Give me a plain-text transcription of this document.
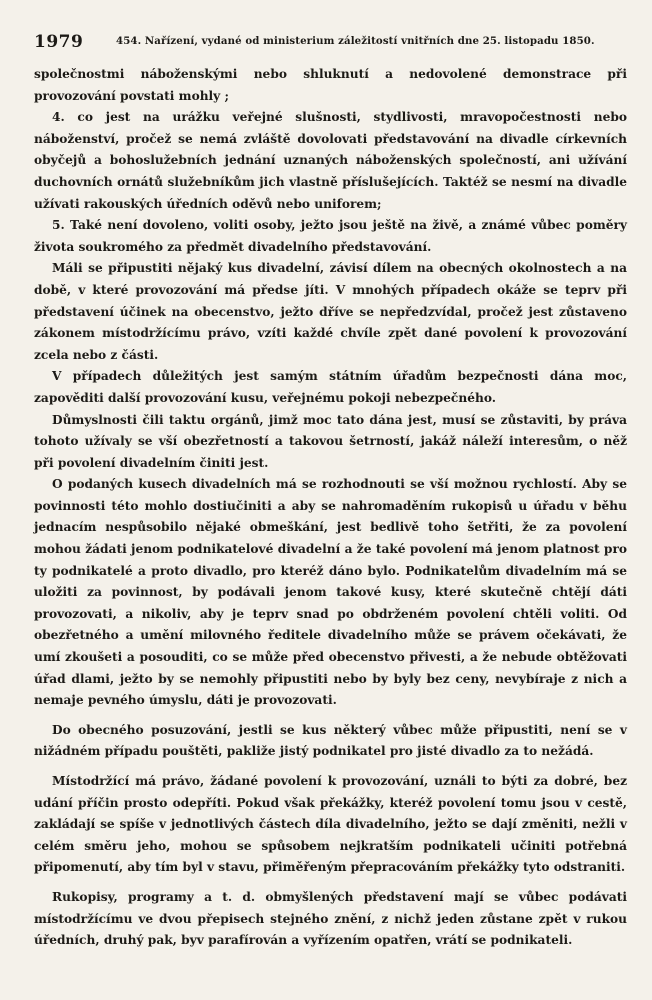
1979	454. Nařízení, vydané od ministerium záležitostí vnitřních dne 25. listopadu 1850.

společnostmi náboženskými nebo shluknutí a nedovolené demonstrace při provozování povstati mohly ;

4. co jest na urážku veřejné slušnosti, stydlivosti, mravopočestnosti nebo náboženství, pročež se nemá zvláště dovolovati představování na divadle církevních obyčejů a bohoslužebních jednání uznaných náboženských společností, ani užívání duchovních ornátů služebníkům jich vlastně příslušejících. Taktéž se nesmí na divadle užívati rakouských úředních oděvů nebo uniforem;

5. Také není dovoleno, voliti osoby, ježto jsou ještě na živě, a známé vůbec poměry života soukromého za předmět divadelního představování.

Máli se připustiti nějaký kus divadelní, závisí dílem na obecných okolnostech a na době, v které provozování má předse jíti. V mnohých případech okáže se teprv při představení účinek na obecenstvo, ježto dříve se nepředzvídal, pročež jest zůstaveno zákonem místodržícímu právo, vzíti každé chvíle zpět dané povolení k provozování zcela nebo z části.

V případech důležitých jest samým státním úřadům bezpečnosti dána moc, zapověditi další provozování kusu, veřejnému pokoji nebezpečného.

Důmyslnosti čili taktu orgánů, jimž moc tato dána jest, musí se zůstaviti, by práva tohoto užívaly se vší obezřetností a takovou šetrností, jakáž náleží interesům, o něž při povolení divadelním činiti jest.

O podaných kusech divadelních má se rozhodnouti se vší možnou rychlostí. Aby se povinnosti této mohlo dostiučiniti a aby se nahromaděním rukopisů u úřadu v běhu jednacím nespůsobilo nějaké obmeškání, jest bedlivě toho šetřiti, že za povolení mohou žádati jenom podnikatelové divadelní a že také povolení má jenom platnost pro ty podnikatelé a proto divadlo, pro kteréž dáno bylo. Podnikatelům divadelním má se uložiti za povinnost, by podávali jenom takové kusy, které skutečně chtějí dáti provozovati, a nikoliv, aby je teprv snad po obdrženém povolení chtěli voliti. Od obezřetného a umění milovného ředitele divadelního může se právem očekávati, že umí zkoušeti a posouditi, co se může před obecenstvo přivesti, a že nebude obtěžovati úřad dlami, ježto by se nemohly připustiti nebo by byly bez ceny, nevybíraje z nich a nemaje pevného úmyslu, dáti je provozovati.

Do obecného posuzování, jestli se kus některý vůbec může připustiti, není se v nižádném případu pouštěti, pakliže jistý podnikatel pro jisté divadlo za to nežádá.

Místodržící má právo, žádané povolení k provozování, uználi to býti za dobré, bez udání příčin prosto odepříti. Pokud však překážky, kteréž povolení tomu jsou v cestě, zakládají se spíše v jednotlivých částech díla divadelního, ježto se dají změniti, nežli v celém směru jeho, mohou se spůsobem nejkratším podnikateli učiniti potřebná připomenutí, aby tím byl v stavu, přiměřeným přepracováním překážky tyto odstraniti.

Rukopisy, programy a t. d. obmyšlených představení mají se vůbec podávati místodržícímu ve dvou přepisech stejného znění, z nichž jeden zůstane zpět v rukou úředních, druhý pak, byv parafírován a vyřízením opatřen, vrátí se podnikateli.
